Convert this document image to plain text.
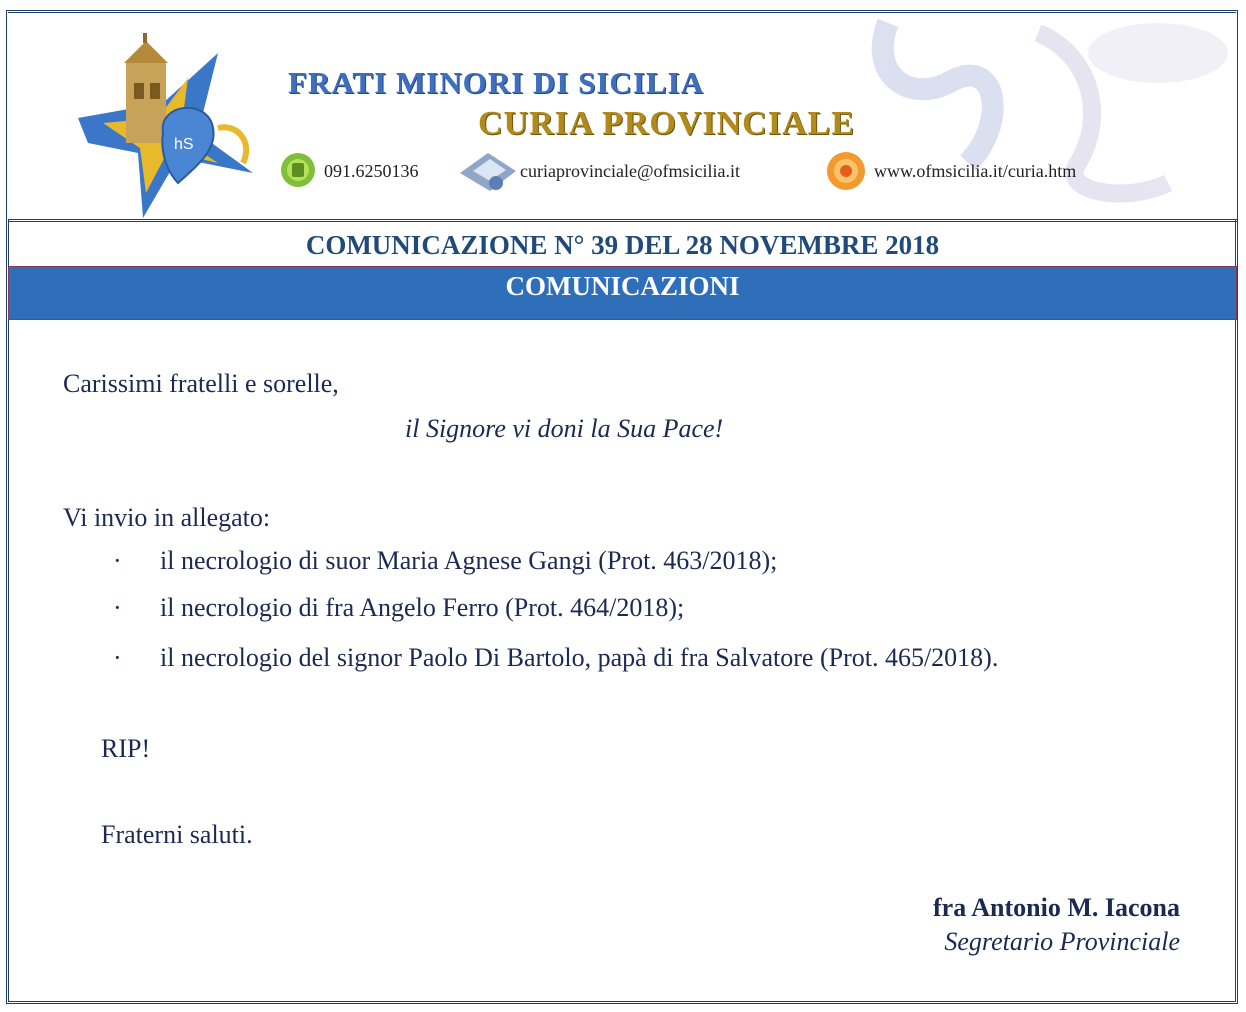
hS
FRATI MINORI DI SICILIA
CURIA PROVINCIALE
091.6250136	curiaprovinciale@ofmsicilia.it	www.ofmsicilia.it/curia.htm
COMUNICAZIONE N° 39 DEL 28 NOVEMBRE 2018
COMUNICAZIONI
Carissimi fratelli e sorelle,
il Signore vi doni la Sua Pace!
Vi invio in allegato:
· il necrologio di suor Maria Agnese Gangi (Prot. 463/2018);
· il necrologio di fra Angelo Ferro (Prot. 464/2018);
· il necrologio del signor Paolo Di Bartolo, papà di fra Salvatore (Prot. 465/2018).
RIP!
Fraterni saluti.
fra Antonio M. Iacona
Segretario Provinciale
